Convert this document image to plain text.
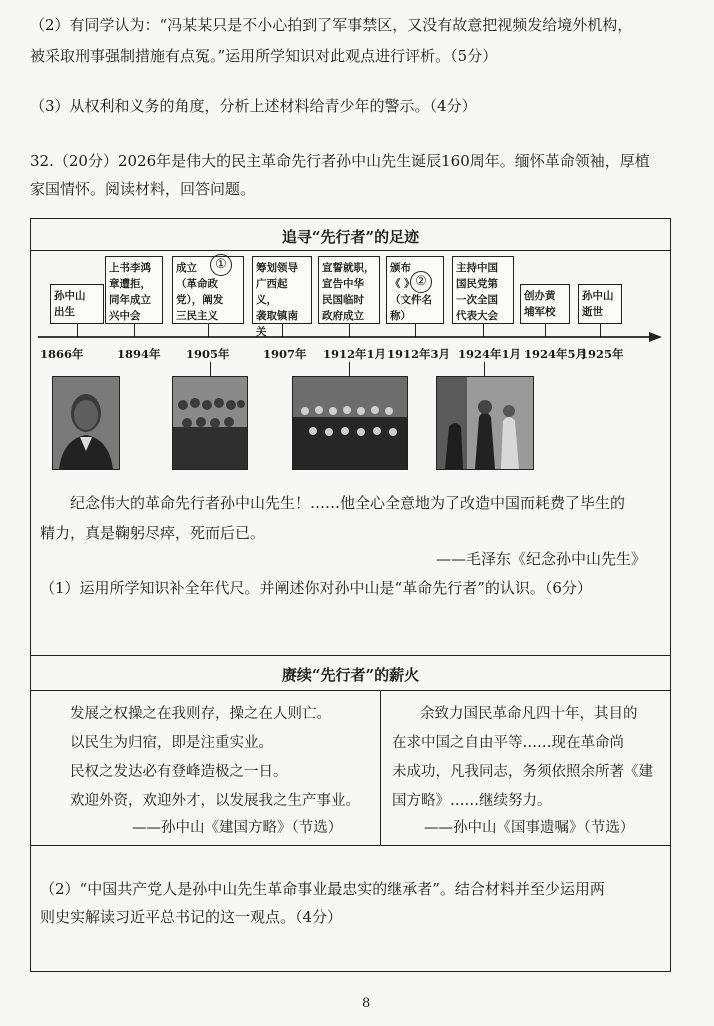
（2）有同学认为：“冯某某只是不小心拍到了军事禁区，又没有故意把视频发给境外机构，
被采取刑事强制措施有点冤。”运用所学知识对此观点进行评析。（5分）
（3）从权利和义务的角度，分析上述材料给青少年的警示。（4分）
32.（20分）2026年是伟大的民主革命先行者孙中山先生诞辰160周年。缅怀革命领袖，厚植
家国情怀。阅读材料，回答问题。
追寻“先行者”的足迹
孙中山
出生
1866年
上书李鸿
章遭拒，
同年成立
兴中会
1894年
成立
（革命政
党），阐发
三民主义
①
1905年
筹划领导
广西起义，
袭取镇南
关
1907年
宣誓就职，
宣告中华
民国临时
政府成立
1912年1月
颁布
《 》
（文件名
称）
②
1912年3月
主持中国
国民党第
一次全国
代表大会
1924年1月
创办黄
埔军校
1924年5月
孙中山
逝世
1925年
纪念伟大的革命先行者孙中山先生！……他全心全意地为了改造中国而耗费了毕生的
精力，真是鞠躬尽瘁，死而后已。
——毛泽东《纪念孙中山先生》
（1）运用所学知识补全年代尺。并阐述你对孙中山是“革命先行者”的认识。（6分）
赓续“先行者”的薪火
发展之权操之在我则存，操之在人则亡。
以民生为归宿，即是注重实业。
民权之发达必有登峰造极之一日。
欢迎外资，欢迎外才，以发展我之生产事业。
——孙中山《建国方略》（节选）
余致力国民革命凡四十年，其目的
在求中国之自由平等……现在革命尚
未成功，凡我同志，务须依照余所著《建
国方略》……继续努力。
——孙中山《国事遗嘱》（节选）
（2）“中国共产党人是孙中山先生革命事业最忠实的继承者”。结合材料并至少运用两
则史实解读习近平总书记的这一观点。（4分）
8
